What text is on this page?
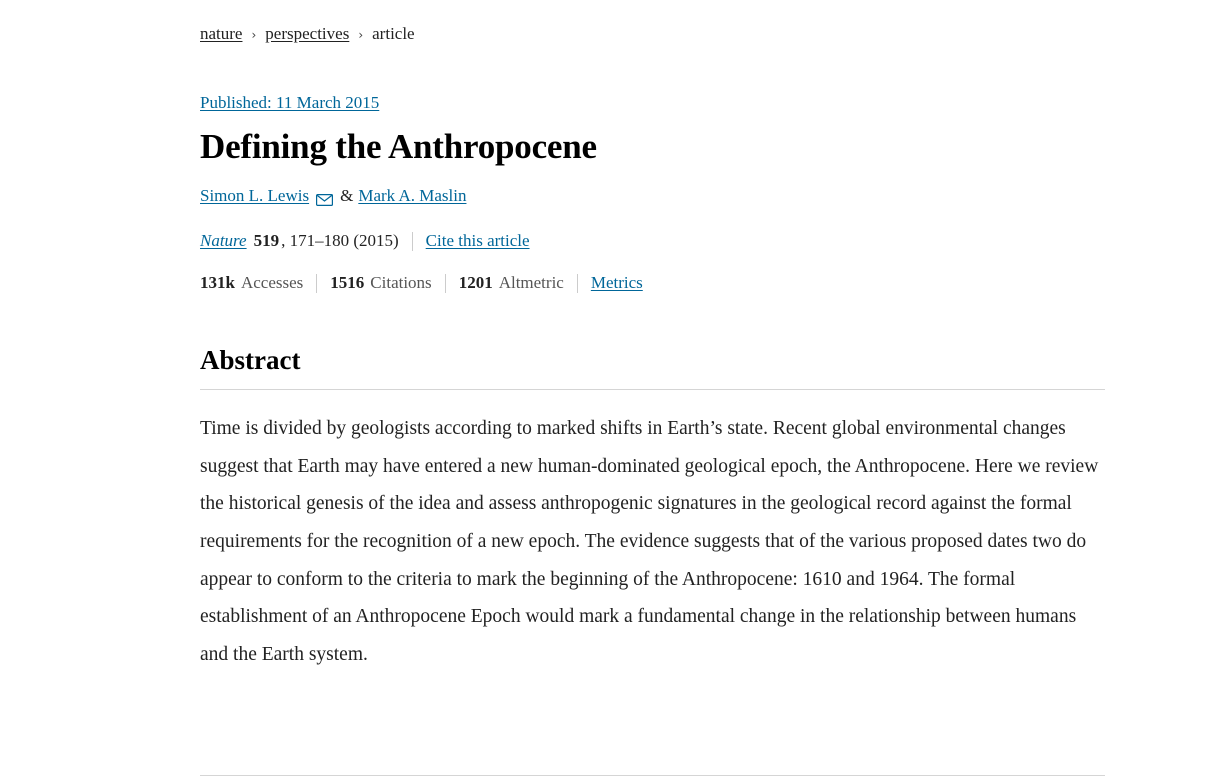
nature › perspectives › article
Published: 11 March 2015
Defining the Anthropocene
Simon L. Lewis & Mark A. Maslin
Nature 519 , 171–180 (2015) Cite this article
131k Accesses 1516 Citations 1201 Altmetric Metrics
Abstract

Time is divided by geologists according to marked shifts in Earth’s state. Recent global environmental changes suggest that Earth may have entered a new human-dominated geological epoch, the Anthropocene. Here we review the historical genesis of the idea and assess anthropogenic signatures in the geological record against the formal requirements for the recognition of a new epoch. The evidence suggests that of the various proposed dates two do appear to conform to the criteria to mark the beginning of the Anthropocene: 1610 and 1964. The formal establishment of an Anthropocene Epoch would mark a fundamental change in the relationship between humans and the Earth system.
